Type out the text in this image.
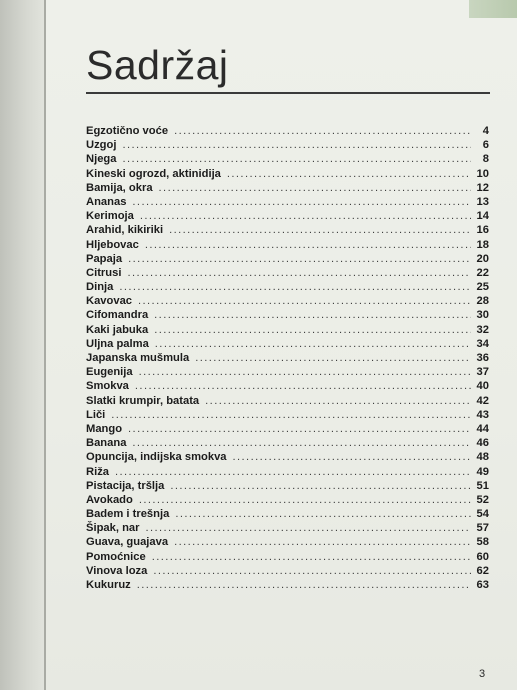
Sadržaj
Egzotično voće .....	4
Uzgoj .....	6
Njega .....	8
Kineski ogrozd, aktinidija .....	10
Bamija, okra .....	12
Ananas .....	13
Kerimoja .....	14
Arahid, kikiriki .....	16
Hljebovac .....	18
Papaja .....	20
Citrusi .....	22
Dinja .....	25
Kavovac .....	28
Cifomandra .....	30
Kaki jabuka .....	32
Uljna palma .....	34
Japanska mušmula .....	36
Eugenija .....	37
Smokva .....	40
Slatki krumpir, batata .....	42
Liči .....	43
Mango .....	44
Banana .....	46
Opuncija, indijska smokva .....	48
Riža .....	49
Pistacija, tršlja .....	51
Avokado .....	52
Badem i trešnja .....	54
Šipak, nar .....	57
Guava, guajava .....	58
Pomoćnice .....	60
Vinova loza .....	62
Kukuruz .....	63
3
